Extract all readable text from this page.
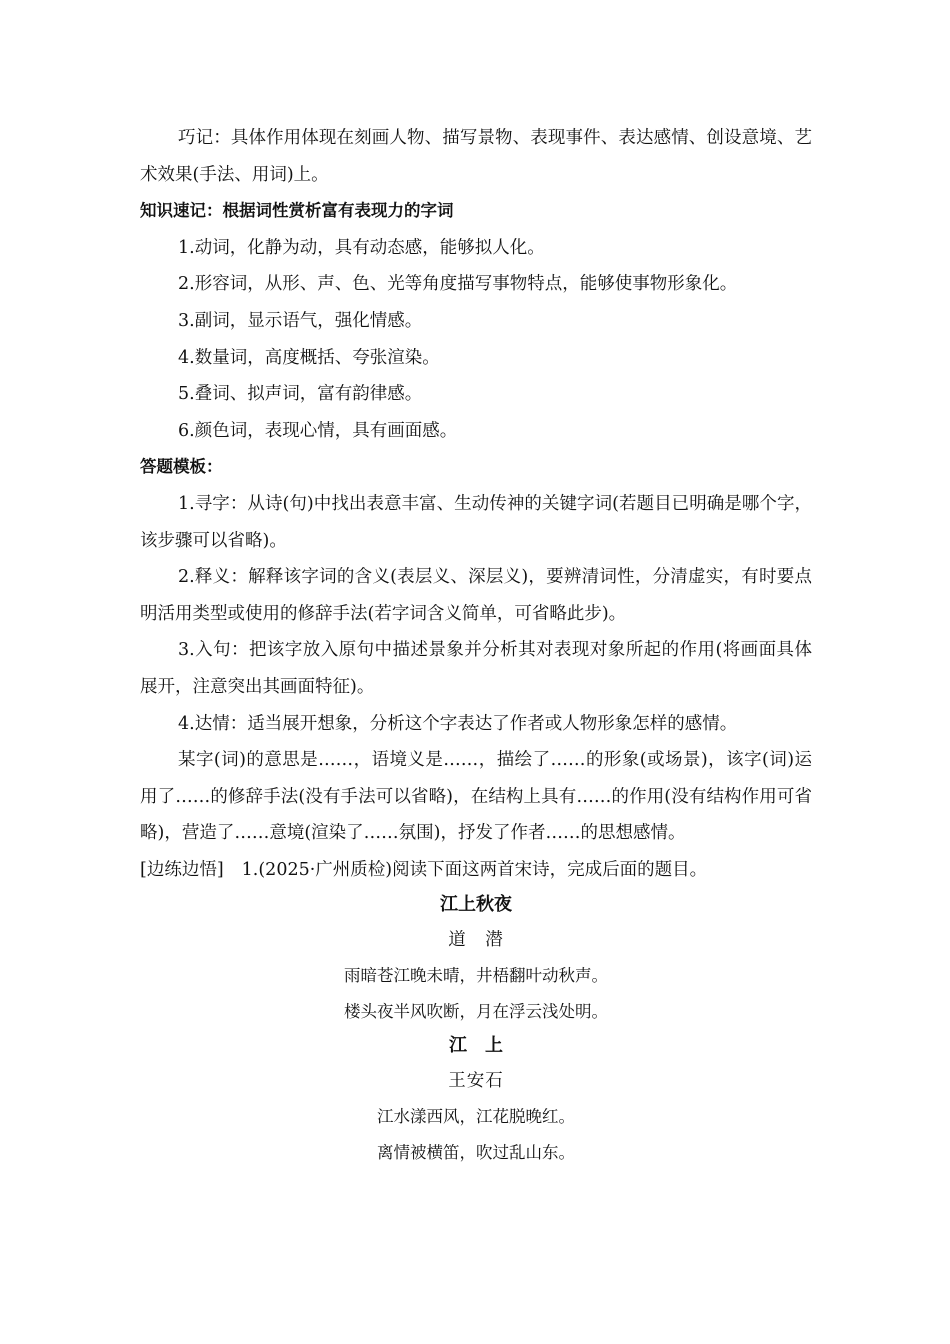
巧记：具体作用体现在刻画人物、描写景物、表现事件、表达感情、创设意境、艺术效果(手法、用词)上。

知识速记：根据词性赏析富有表现力的字词

1.动词，化静为动，具有动态感，能够拟人化。

2.形容词，从形、声、色、光等角度描写事物特点，能够使事物形象化。

3.副词，显示语气，强化情感。

4.数量词，高度概括、夸张渲染。

5.叠词、拟声词，富有韵律感。

6.颜色词，表现心情，具有画面感。

答题模板：

1.寻字：从诗(句)中找出表意丰富、生动传神的关键字词(若题目已明确是哪个字，该步骤可以省略)。

2.释义：解释该字词的含义(表层义、深层义)，要辨清词性，分清虚实，有时要点明活用类型或使用的修辞手法(若字词含义简单，可省略此步)。

3.入句：把该字放入原句中描述景象并分析其对表现对象所起的作用(将画面具体展开，注意突出其画面特征)。

4.达情：适当展开想象，分析这个字表达了作者或人物形象怎样的感情。

某字(词)的意思是……，语境义是……，描绘了……的形象(或场景)，该字(词)运用了……的修辞手法(没有手法可以省略)，在结构上具有……的作用(没有结构作用可省略)，营造了……意境(渲染了……氛围)，抒发了作者……的思想感情。

[边练边悟] 1.(2025·广州质检)阅读下面这两首宋诗，完成后面的题目。

江上秋夜

道　潜

雨暗苍江晚未晴，井梧翻叶动秋声。

楼头夜半风吹断，月在浮云浅处明。

江　上

王安石

江水漾西风，江花脱晚红。

离情被横笛，吹过乱山东。
